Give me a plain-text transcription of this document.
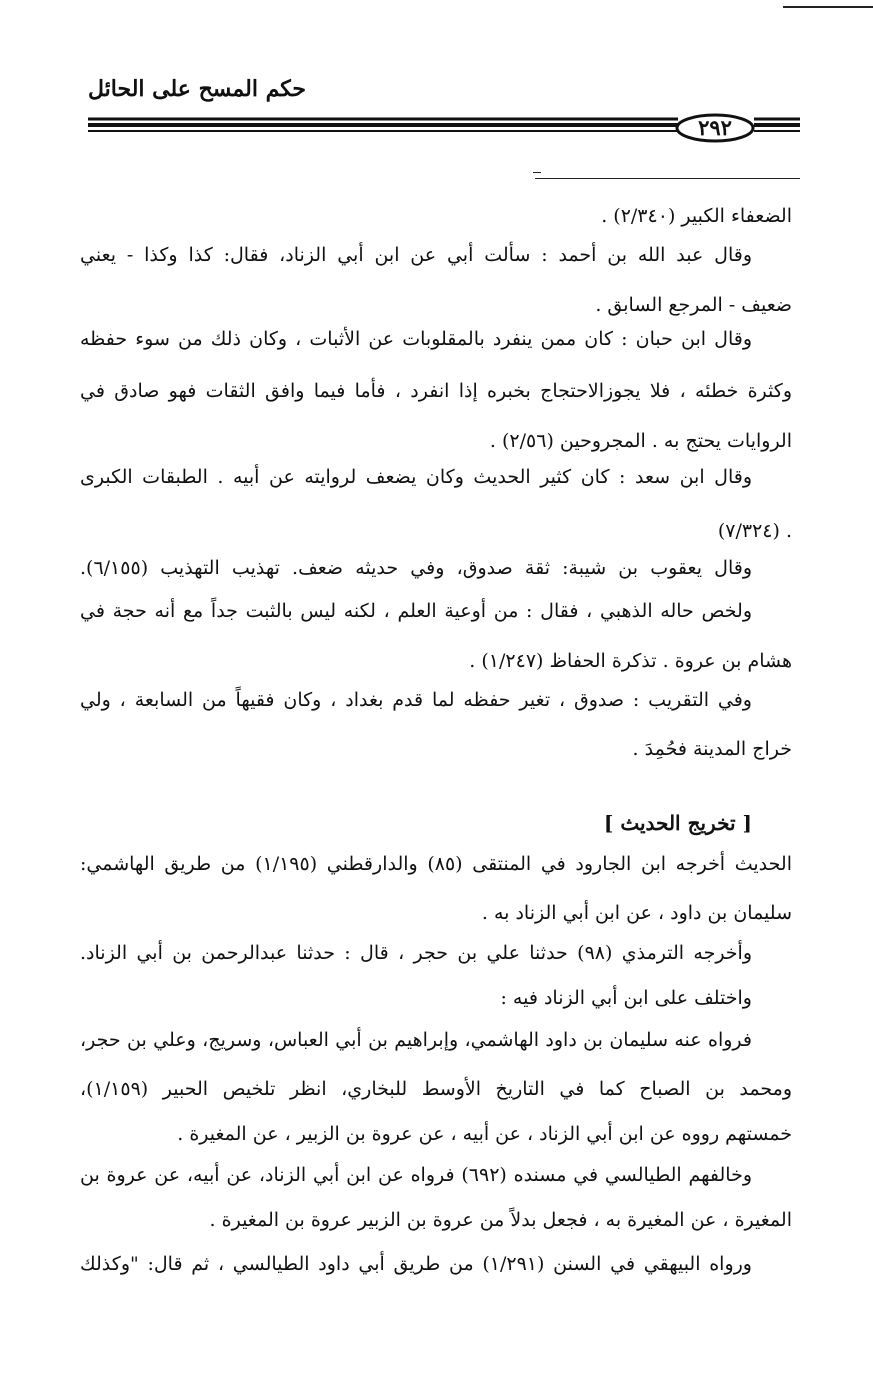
حكم المسح على الحائل
٢٩٢
الضعفاء الكبير (٢/٣٤٠) .
وقال عبد الله بن أحمد : سألت أبي عن ابن أبي الزناد، فقال: كذا وكذا - يعني
ضعيف - المرجع السابق .
وقال ابن حبان : كان ممن ينفرد بالمقلوبات عن الأثبات ، وكان ذلك من سوء حفظه
وكثرة خطئه ، فلا يجوزالاحتجاج بخبره إذا انفرد ، فأما فيما وافق الثقات فهو صادق في
الروايات يحتج به . المجروحين (٢/٥٦) .
وقال ابن سعد : كان كثير الحديث وكان يضعف لروايته عن أبيه . الطبقات الكبرى
(٧/٣٢٤) .
وقال يعقوب بن شيبة: ثقة صدوق، وفي حديثه ضعف. تهذيب التهذيب (٦/١٥٥).
ولخص حاله الذهبي ، فقال : من أوعية العلم ، لكنه ليس بالثبت جداً مع أنه حجة في
هشام بن عروة . تذكرة الحفاظ (١/٢٤٧) .
وفي التقريب : صدوق ، تغير حفظه لما قدم بغداد ، وكان فقيهاً من السابعة ، ولي
خراج المدينة فحُمِدَ .
[ تخريج الحديث ]
الحديث أخرجه ابن الجارود في المنتقى (٨٥) والدارقطني (١/١٩٥) من طريق الهاشمي:
سليمان بن داود ، عن ابن أبي الزناد به .
وأخرجه الترمذي (٩٨) حدثنا علي بن حجر ، قال : حدثنا عبدالرحمن بن أبي الزناد.
واختلف على ابن أبي الزناد فيه :
فرواه عنه سليمان بن داود الهاشمي، وإبراهيم بن أبي العباس، وسريج، وعلي بن حجر،
ومحمد بن الصباح كما في التاريخ الأوسط للبخاري، انظر تلخيص الحبير (١/١٥٩)،
خمستهم رووه عن ابن أبي الزناد ، عن أبيه ، عن عروة بن الزبير ، عن المغيرة .
وخالفهم الطيالسي في مسنده (٦٩٢) فرواه عن ابن أبي الزناد، عن أبيه، عن عروة بن
المغيرة ، عن المغيرة به ، فجعل بدلاً من عروة بن الزبير عروة بن المغيرة .
ورواه البيهقي في السنن (١/٢٩١) من طريق أبي داود الطيالسي ، ثم قال: "وكذلك
